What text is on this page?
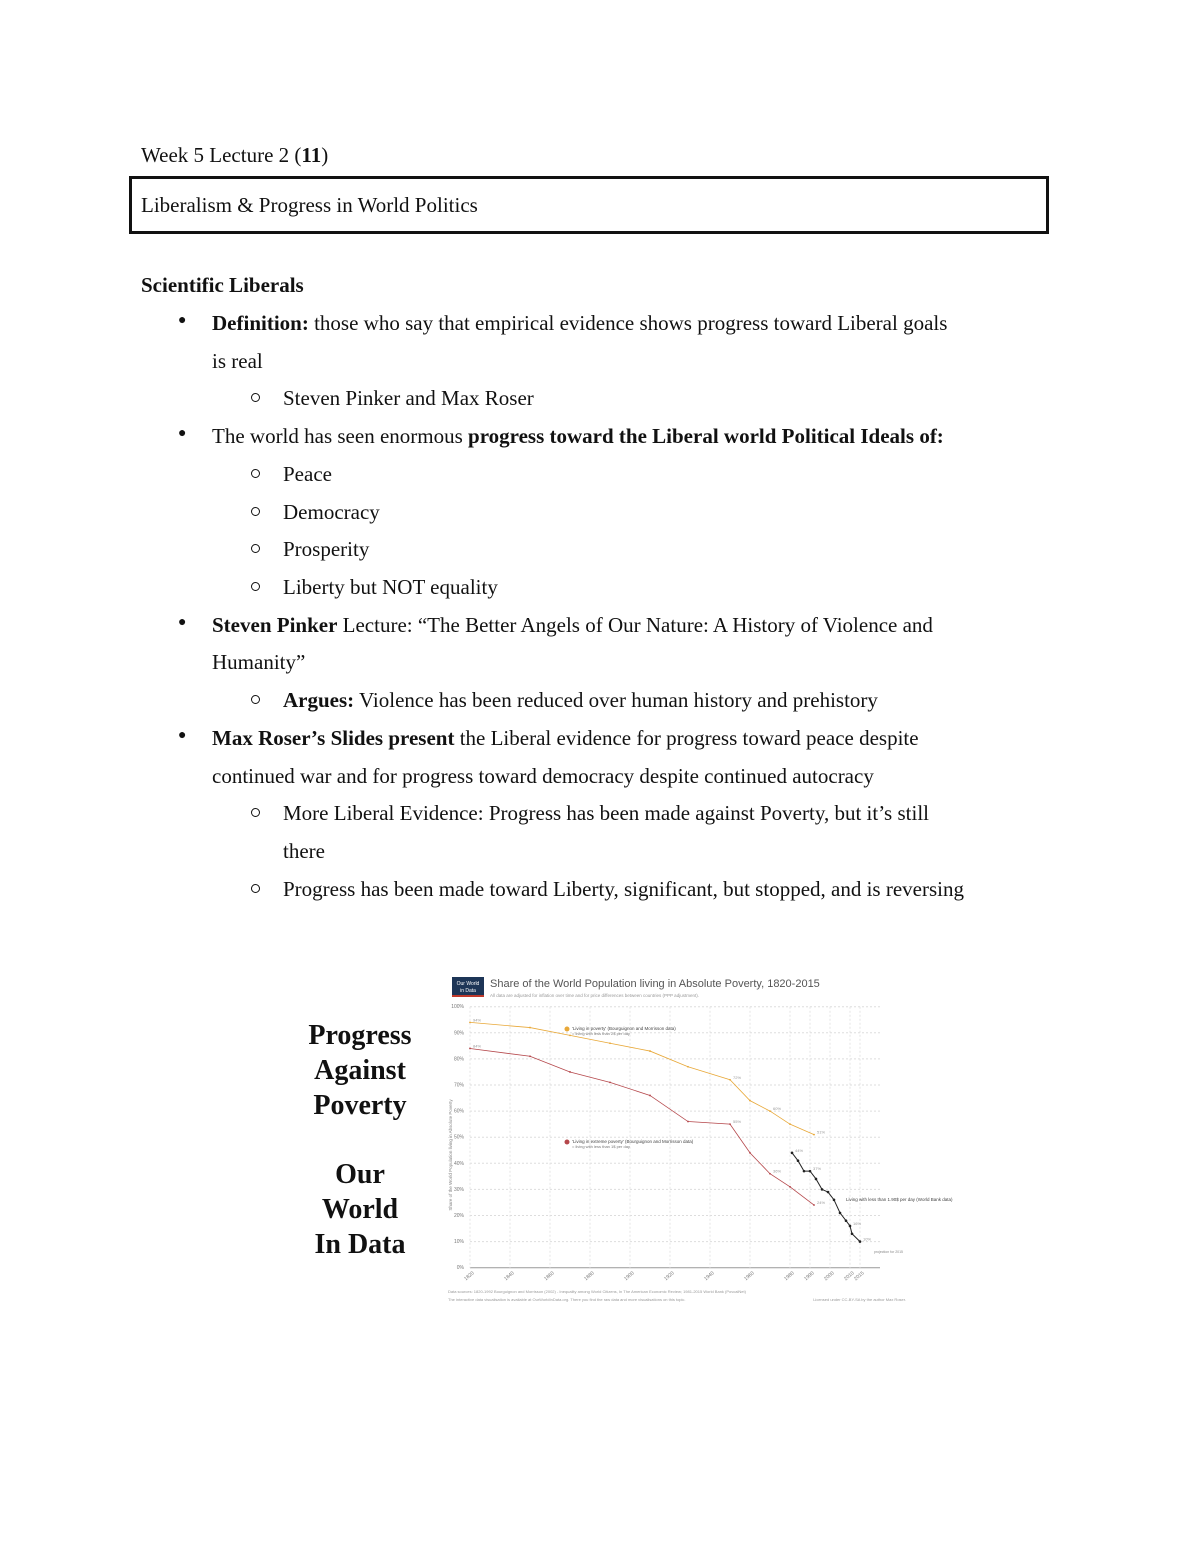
Week 5 Lecture 2 (11)
Liberalism & Progress in World Politics
Scientific Liberals
● Definition: those who say that empirical evidence shows progress toward Liberal goals
is real
Steven Pinker and Max Roser
● The world has seen enormous progress toward the Liberal world Political Ideals of:
Peace
Democracy
Prosperity
Liberty but NOT equality
● Steven Pinker Lecture: “The Better Angels of Our Nature: A History of Violence and
Humanity”
Argues: Violence has been reduced over human history and prehistory
● Max Roser’s Slides present the Liberal evidence for progress toward peace despite
continued war and for progress toward democracy despite continued autocracy
More Liberal Evidence: Progress has been made against Poverty, but it’s still
there
Progress has been made toward Liberty, significant, but stopped, and is reversing
Progress
Against
Poverty
Our
World
In Data
Our World
in Data
Share of the World Population living in Absolute Poverty, 1820-2015
All data are adjusted for inflation over time and for price differences between countries (PPP adjustment).
Share of the World Population living in Absolute Poverty
0%
10%
20%
30%
40%
50%
60%
70%
80%
90%
100%
1820	1840	1860	1880	1900	1920	1940	1960	1980 1990 2000 2010
2015
94%
72%
60%
51%
'Living in poverty' (Bourguignon and Morrisson data)
= living with less than 2$ per day
84%
55%
36%
24%
'Living in extreme poverty' (Bourguignon and Morrisson data)
= living with less than 1$ per day
44%
37%
16%
10%
Living with less than 1.90$ per day (World Bank data)
projection for 2015
Data sources: 1820-1992 Bourguignon and Morrisson (2002) - Inequality among World Citizens, In The American Economic Review; 1981-2015 World Bank (PovcalNet)
The interactive data visualisation is available at OurWorldInData.org. There you find the raw data and more visualisations on this topic.	Licensed under CC-BY-SA by the author Max Roser.
